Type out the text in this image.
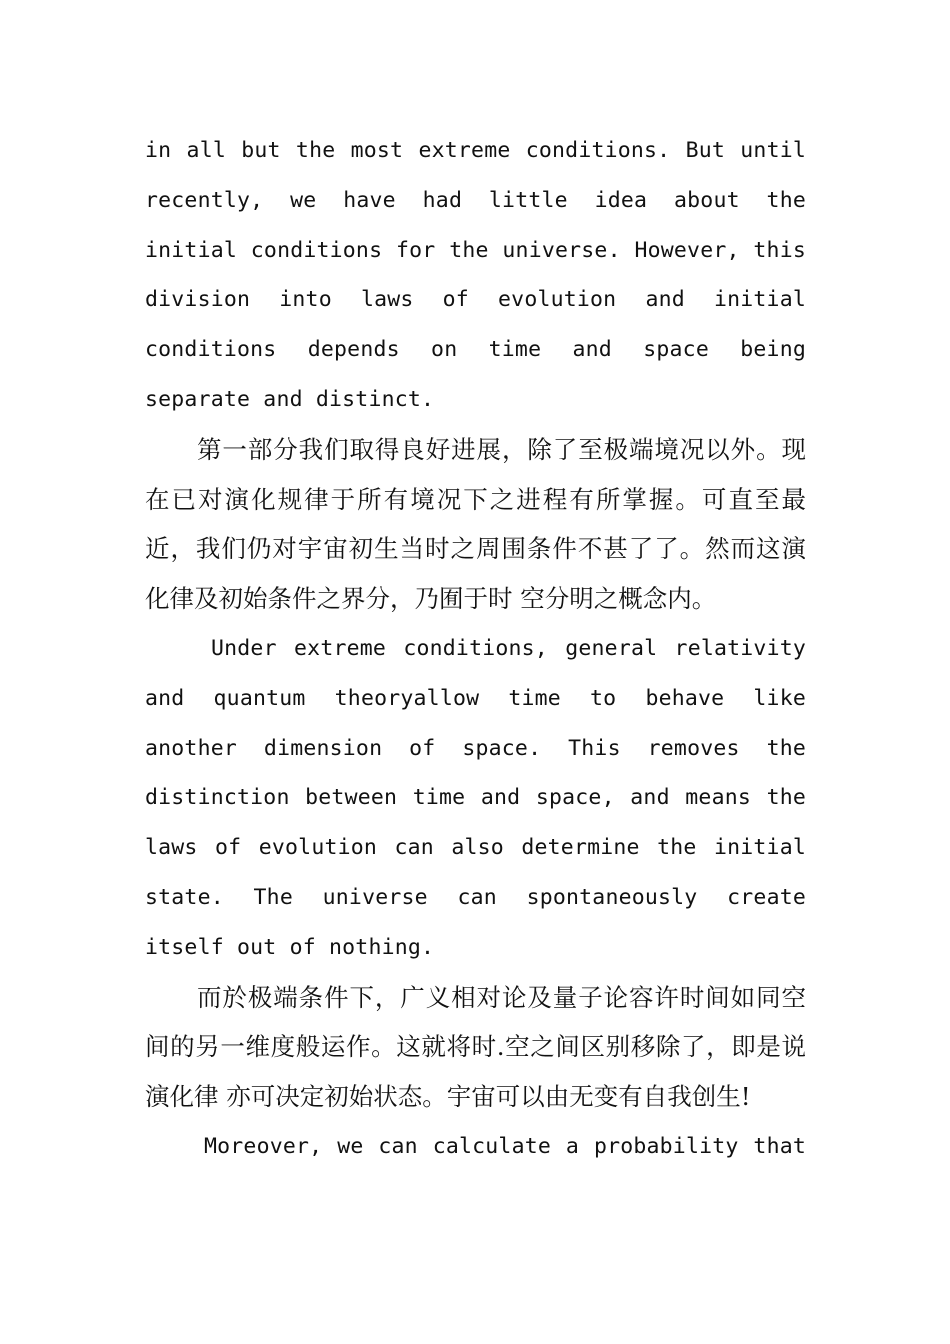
in all but the most extreme conditions. But until recently, we have had little idea about the initial conditions for the universe. However, this division into laws of evolution and initial conditions depends on time and space being separate and distinct.

第一部分我们取得良好进展，除了至极端境况以外。现在已对演化规律于所有境况下之进程有所掌握。可直至最近，我们仍对宇宙初生当时之周围条件不甚了了。然而这演化律及初始条件之界分，乃囿于时 空分明之概念内。

Under extreme conditions, general relativity and quantum theoryallow time to behave like another dimension of space. This removes the distinction between time and space, and means the laws of evolution can also determine the initial state. The universe can spontaneously create itself out of nothing.

而於极端条件下，广义相对论及量子论容许时间如同空间的另一维度般运作。这就将时.空之间区别移除了，即是说演化律 亦可决定初始状态。宇宙可以由无变有自我创生!

Moreover, we can calculate a probability that
